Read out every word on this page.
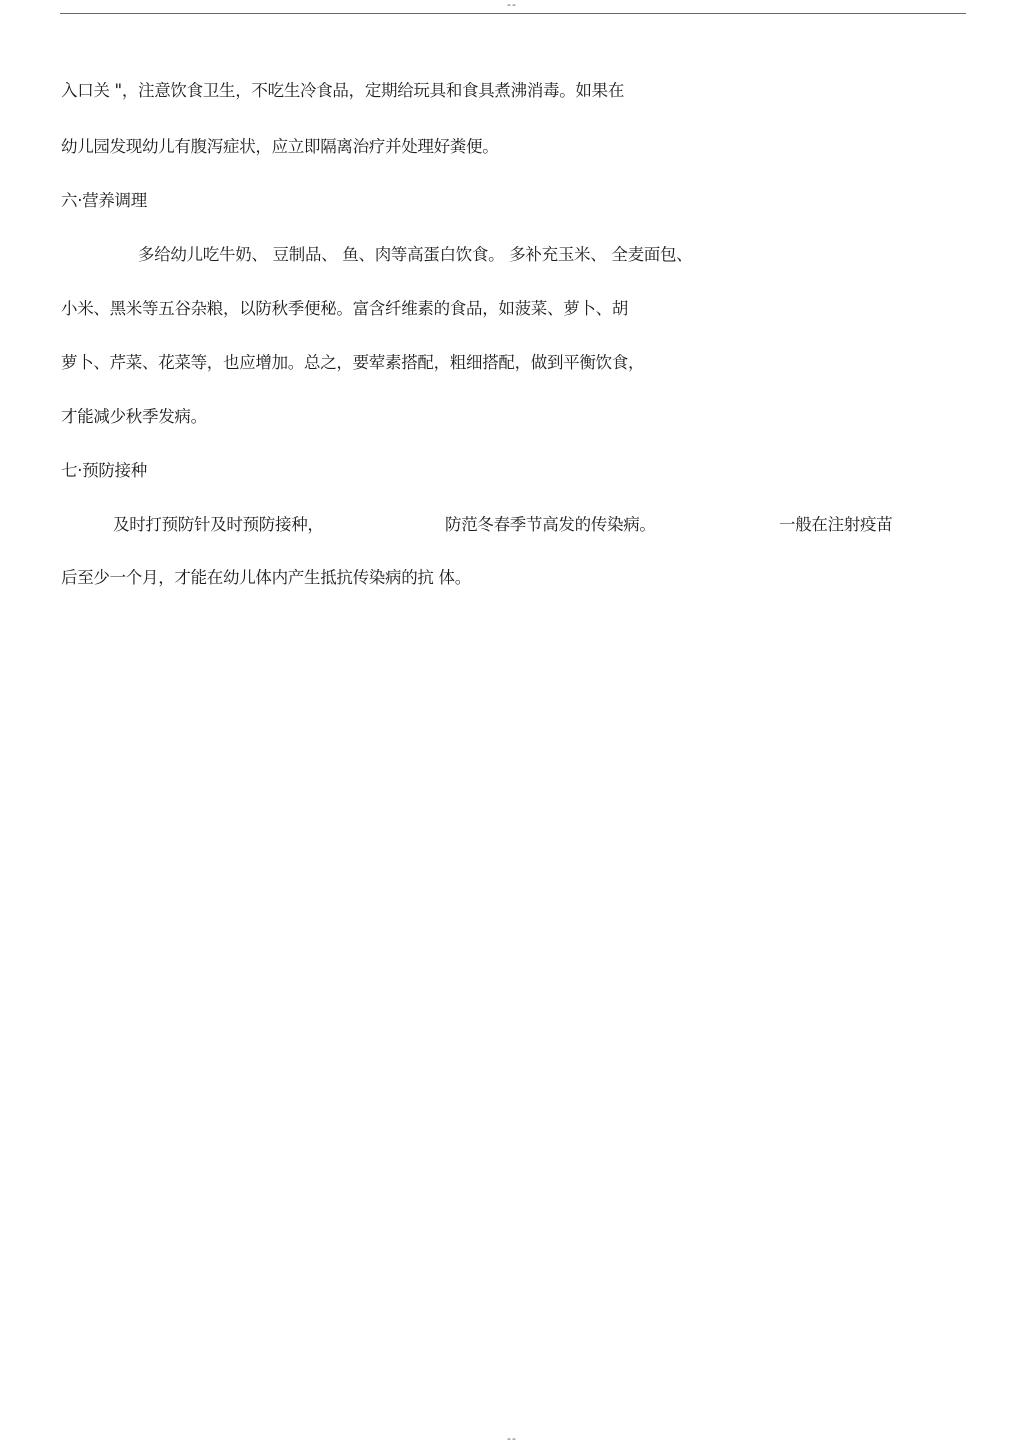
--
入口关 "，注意饮食卫生，不吃生冷食品，定期给玩具和食具煮沸消毒。如果在
幼儿园发现幼儿有腹泻症状，应立即隔离治疗并处理好粪便。
六·营养调理
多给幼儿吃牛奶、 豆制品、 鱼、肉等高蛋白饮食。 多补充玉米、 全麦面包、
小米、黑米等五谷杂粮，以防秋季便秘。富含纤维素的食品，如菠菜、萝卜、胡
萝卜、芹菜、花菜等，也应增加。总之，要荤素搭配，粗细搭配，做到平衡饮食，
才能减少秋季发病。
七·预防接种
及时打预防针及时预防接种，	防范冬春季节高发的传染病。	一般在注射疫苗
后至少一个月，才能在幼儿体内产生抵抗传染病的抗 体。
--
